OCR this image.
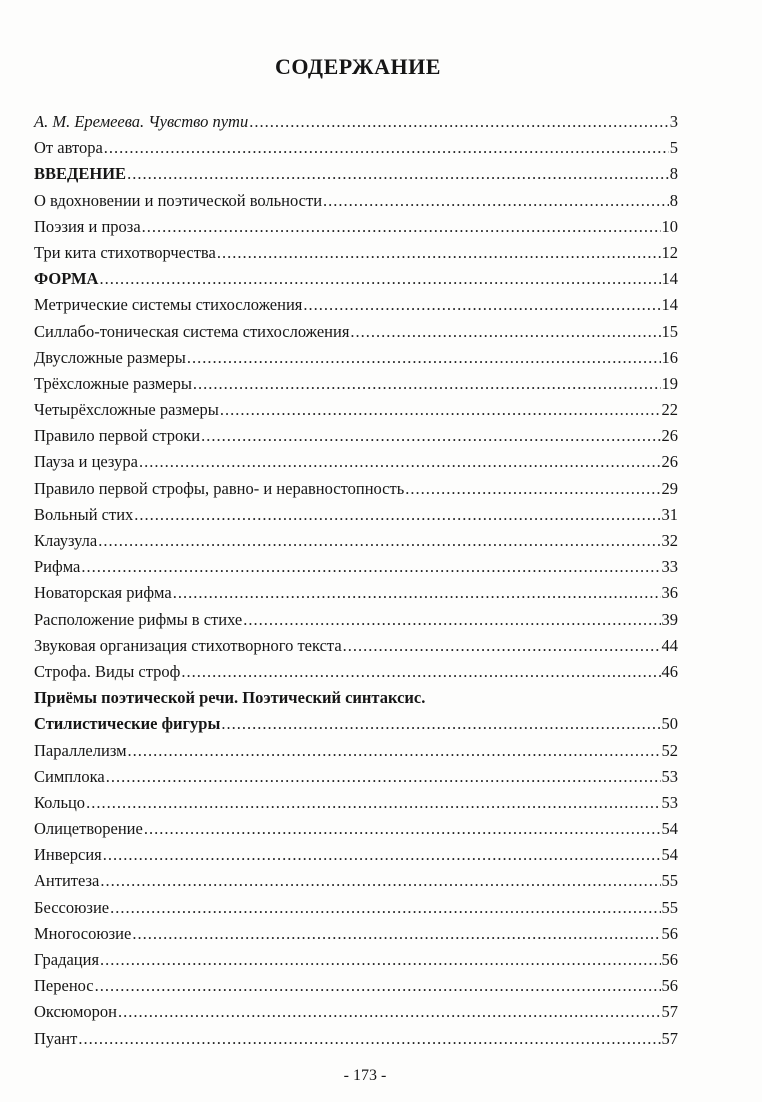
СОДЕРЖАНИЕ
А. М. Еремеева. Чувство пути .....	3
От автора .....	5
ВВЕДЕНИЕ .....	8
О вдохновении и поэтической вольности .....	8
Поэзия и проза .....	10
Три кита стихотворчества .....	12
ФОРМА .....	14
Метрические системы стихосложения .....	14
Силлабо-тоническая система стихосложения .....	15
Двусложные размеры .....	16
Трёхсложные размеры .....	19
Четырёхсложные размеры .....	22
Правило первой строки .....	26
Пауза и цезура .....	26
Правило первой строфы, равно- и неравностопность .....	29
Вольный стих .....	31
Клаузула .....	32
Рифма .....	33
Новаторская рифма .....	36
Расположение рифмы в стихе .....	39
Звуковая организация стихотворного текста .....	44
Строфа. Виды строф .....	46
Приёмы поэтической речи. Поэтический синтаксис.
Стилистические фигуры .....	50
Параллелизм .....	52
Симплока .....	53
Кольцо .....	53
Олицетворение .....	54
Инверсия .....	54
Антитеза .....	55
Бессоюзие .....	55
Многосоюзие .....	56
Градация .....	56
Перенос .....	56
Оксюморон .....	57
Пуант .....	57
- 173 -
